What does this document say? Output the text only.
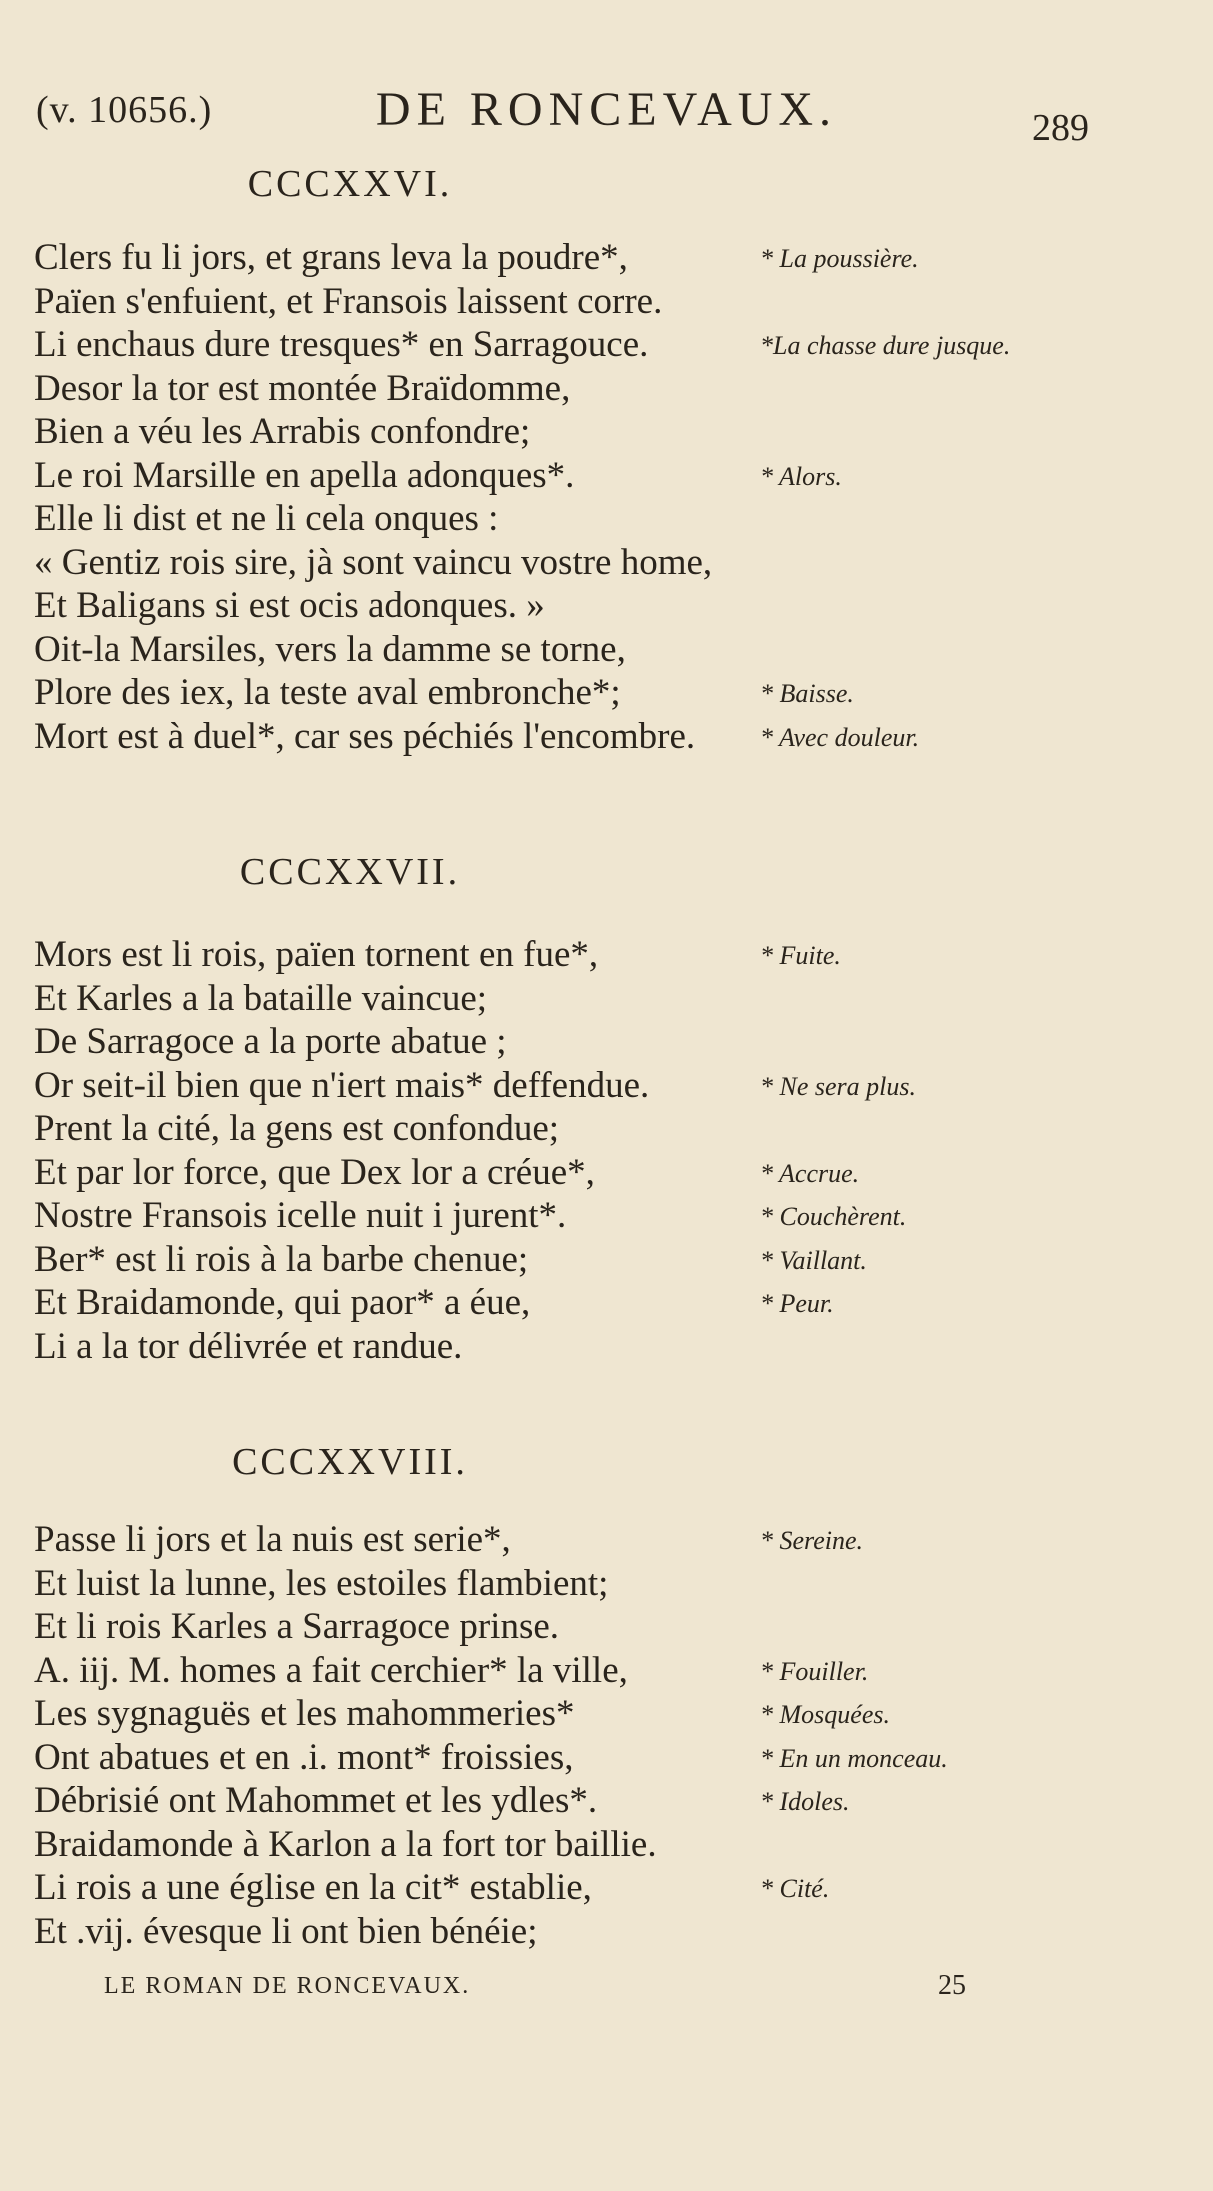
(v. 10656.)	DE RONCEVAUX.	289
CCCXXVI.
Clers fu li jors, et grans leva la poudre*,	* La poussière.
Païen s'enfuient, et Fransois laissent corre.
Li enchaus dure tresques* en Sarragouce.	*La chasse dure jusque.
Desor la tor est montée Braïdomme,
Bien a véu les Arrabis confondre;
Le roi Marsille en apella adonques*.	* Alors.
Elle li dist et ne li cela onques :
« Gentiz rois sire, jà sont vaincu vostre home,
Et Baligans si est ocis adonques. »
Oit-la Marsiles, vers la damme se torne,
Plore des iex, la teste aval embronche*;	* Baisse.
Mort est à duel*, car ses péchiés l'encombre.	* Avec douleur.
CCCXXVII.
Mors est li rois, païen tornent en fue*,	* Fuite.
Et Karles a la bataille vaincue;
De Sarragoce a la porte abatue ;
Or seit-il bien que n'iert mais* deffendue.	* Ne sera plus.
Prent la cité, la gens est confondue;
Et par lor force, que Dex lor a créue*,	* Accrue.
Nostre Fransois icelle nuit i jurent*.	* Couchèrent.
Ber* est li rois à la barbe chenue;	* Vaillant.
Et Braidamonde, qui paor* a éue,	* Peur.
Li a la tor délivrée et randue.
CCCXXVIII.
Passe li jors et la nuis est serie*,	* Sereine.
Et luist la lunne, les estoiles flambient;
Et li rois Karles a Sarragoce prinse.
A. iij. M. homes a fait cerchier* la ville,	* Fouiller.
Les sygnaguës et les mahommeries*	* Mosquées.
Ont abatues et en .i. mont* froissies,	* En un monceau.
Débrisié ont Mahommet et les ydles*.	* Idoles.
Braidamonde à Karlon a la fort tor baillie.
Li rois a une église en la cit* establie,	* Cité.
Et .vij. évesque li ont bien bénéie;
LE ROMAN DE RONCEVAUX.	25
